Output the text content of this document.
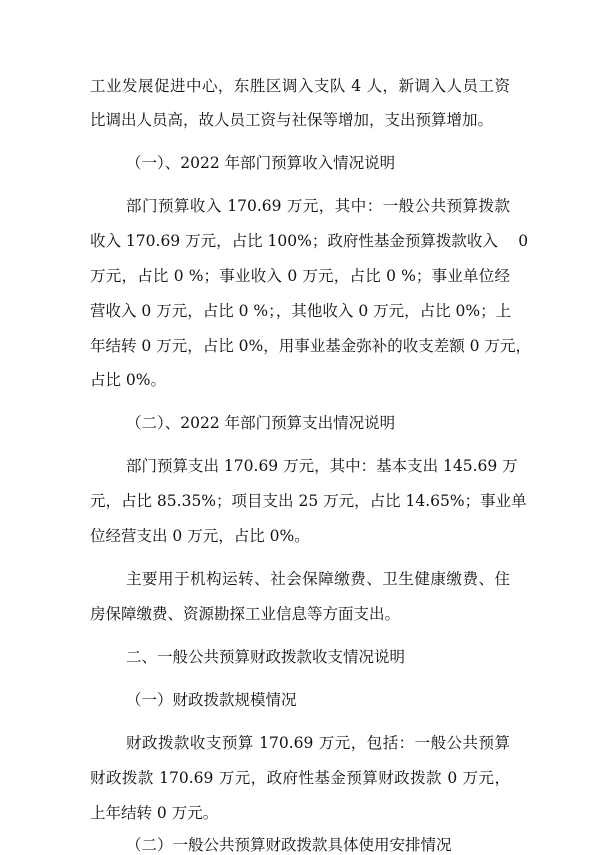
工业发展促进中心，东胜区调入支队 4 人，新调入人员工资
比调出人员高，故人员工资与社保等增加，支出预算增加。
（一）、2022 年部门预算收入情况说明
部门预算收入 170.69 万元，其中：一般公共预算拨款
收入 170.69 万元，占比 100%；政府性基金预算拨款收入　 0
万元，占比 0 %；事业收入 0 万元，占比 0 %；事业单位经
营收入 0 万元，占比 0 %；，其他收入 0 万元，占比 0%；上
年结转 0 万元，占比 0%，用事业基金弥补的收支差额 0 万元，
占比 0%。
（二）、2022 年部门预算支出情况说明
部门预算支出 170.69 万元，其中：基本支出 145.69 万
元，占比 85.35%；项目支出 25 万元，占比 14.65%；事业单
位经营支出 0 万元，占比 0%。
主要用于机构运转、社会保障缴费、卫生健康缴费、住
房保障缴费、资源勘探工业信息等方面支出。
二、一般公共预算财政拨款收支情况说明
（一）财政拨款规模情况
财政拨款收支预算 170.69 万元，包括：一般公共预算
财政拨款 170.69 万元，政府性基金预算财政拨款 0 万元，
上年结转 0 万元。
（二）一般公共预算财政拨款具体使用安排情况
